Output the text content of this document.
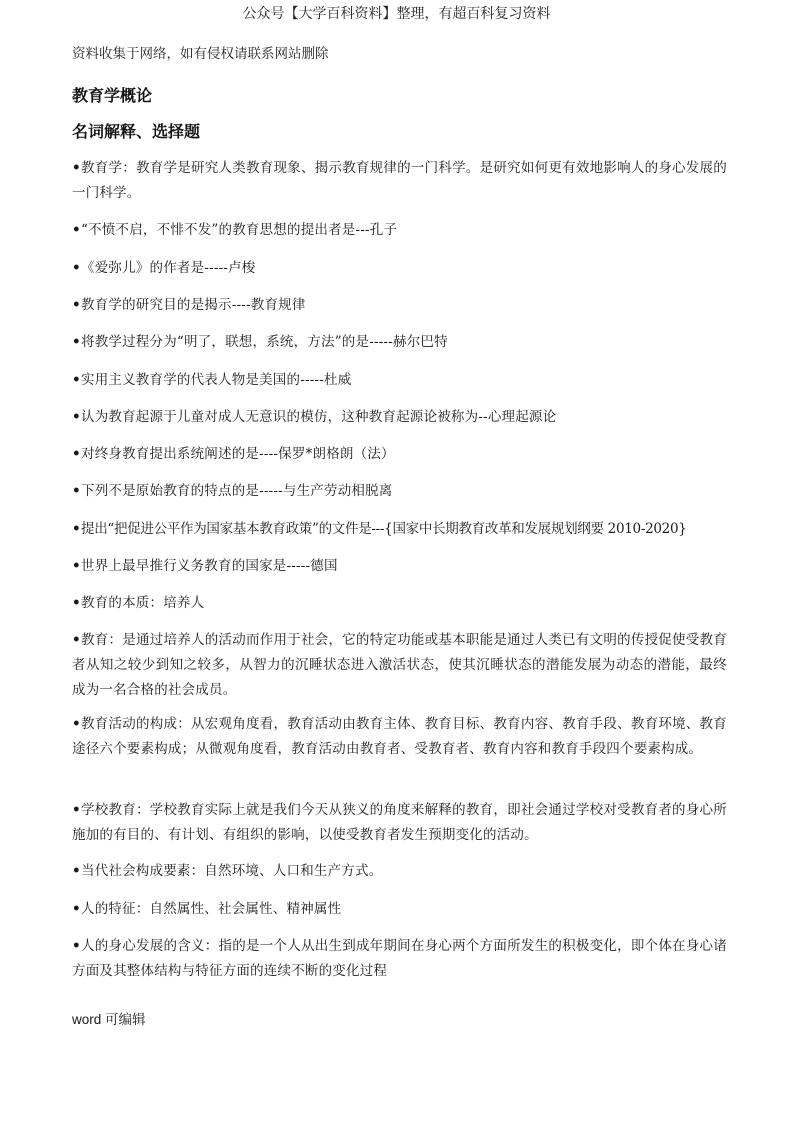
公众号【大学百科资料】整理，有超百科复习资料
资料收集于网络，如有侵权请联系网站删除
教育学概论
名词解释、选择题
•教育学：教育学是研究人类教育现象、揭示教育规律的一门科学。是研究如何更有效地影响人的身心发展的一门科学。
•“不愤不启，不悱不发”的教育思想的提出者是---孔子
•《爱弥儿》的作者是-----卢梭
•教育学的研究目的是揭示----教育规律
•将教学过程分为“明了，联想，系统，方法”的是-----赫尔巴特
•实用主义教育学的代表人物是美国的-----杜威
•认为教育起源于儿童对成人无意识的模仿，这种教育起源论被称为--心理起源论
•对终身教育提出系统阐述的是----保罗*朗格朗（法）
•下列不是原始教育的特点的是-----与生产劳动相脱离
•提出“把促进公平作为国家基本教育政策”的文件是---{国家中长期教育改革和发展规划纲要 2010-2020}
•世界上最早推行义务教育的国家是-----德国
•教育的本质：培养人
•教育：是通过培养人的活动而作用于社会，它的特定功能或基本职能是通过人类已有文明的传授促使受教育者从知之较少到知之较多，从智力的沉睡状态进入激活状态，使其沉睡状态的潜能发展为动态的潜能，最终成为一名合格的社会成员。
•教育活动的构成：从宏观角度看，教育活动由教育主体、教育目标、教育内容、教育手段、教育环境、教育途径六个要素构成；从微观角度看，教育活动由教育者、受教育者、教育内容和教育手段四个要素构成。
•学校教育：学校教育实际上就是我们今天从狭义的角度来解释的教育，即社会通过学校对受教育者的身心所施加的有目的、有计划、有组织的影响，以使受教育者发生预期变化的活动。
•当代社会构成要素：自然环境、人口和生产方式。
•人的特征：自然属性、社会属性、精神属性
•人的身心发展的含义：指的是一个人从出生到成年期间在身心两个方面所发生的积极变化，即个体在身心诸方面及其整体结构与特征方面的连续不断的变化过程
word 可编辑
